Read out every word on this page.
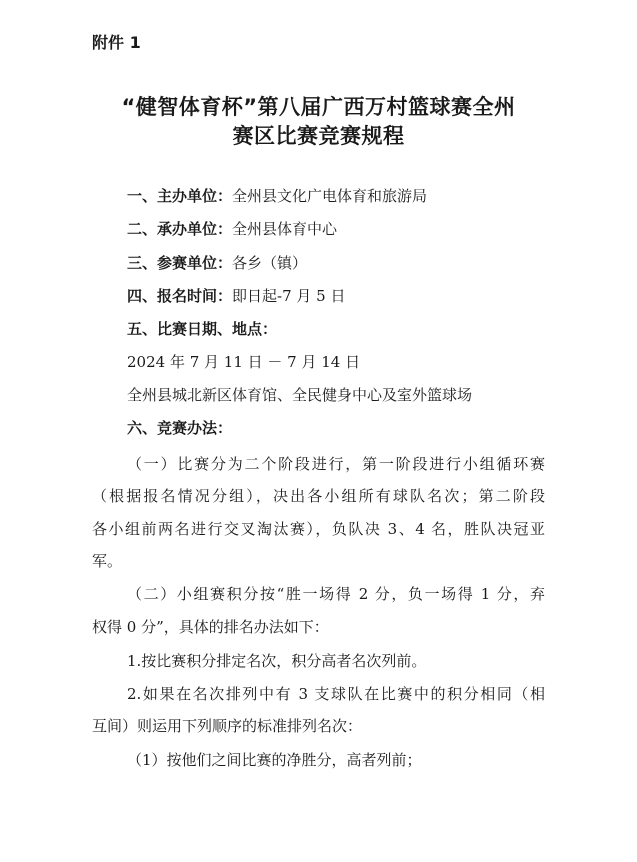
附件 1
“健智体育杯”第八届广西万村篮球赛全州
赛区比赛竞赛规程
一、主办单位：全州县文化广电体育和旅游局
二、承办单位：全州县体育中心
三、参赛单位：各乡（镇）
四、报名时间：即日起-7 月 5 日
五、比赛日期、地点：
2024 年 7 月 11 日 － 7 月 14 日
全州县城北新区体育馆、全民健身中心及室外篮球场
六、竞赛办法：
（一）比赛分为二个阶段进行，第一阶段进行小组循环赛
（根据报名情况分组），决出各小组所有球队名次；第二阶段
各小组前两名进行交叉淘汰赛），负队决 3、4 名，胜队决冠亚
军。
（二）小组赛积分按“胜一场得 2 分，负一场得 1 分，弃
权得 0 分”，具体的排名办法如下：
1.按比赛积分排定名次，积分高者名次列前。
2.如果在名次排列中有 3 支球队在比赛中的积分相同（相
互间）则运用下列顺序的标准排列名次：
（1）按他们之间比赛的净胜分，高者列前；
